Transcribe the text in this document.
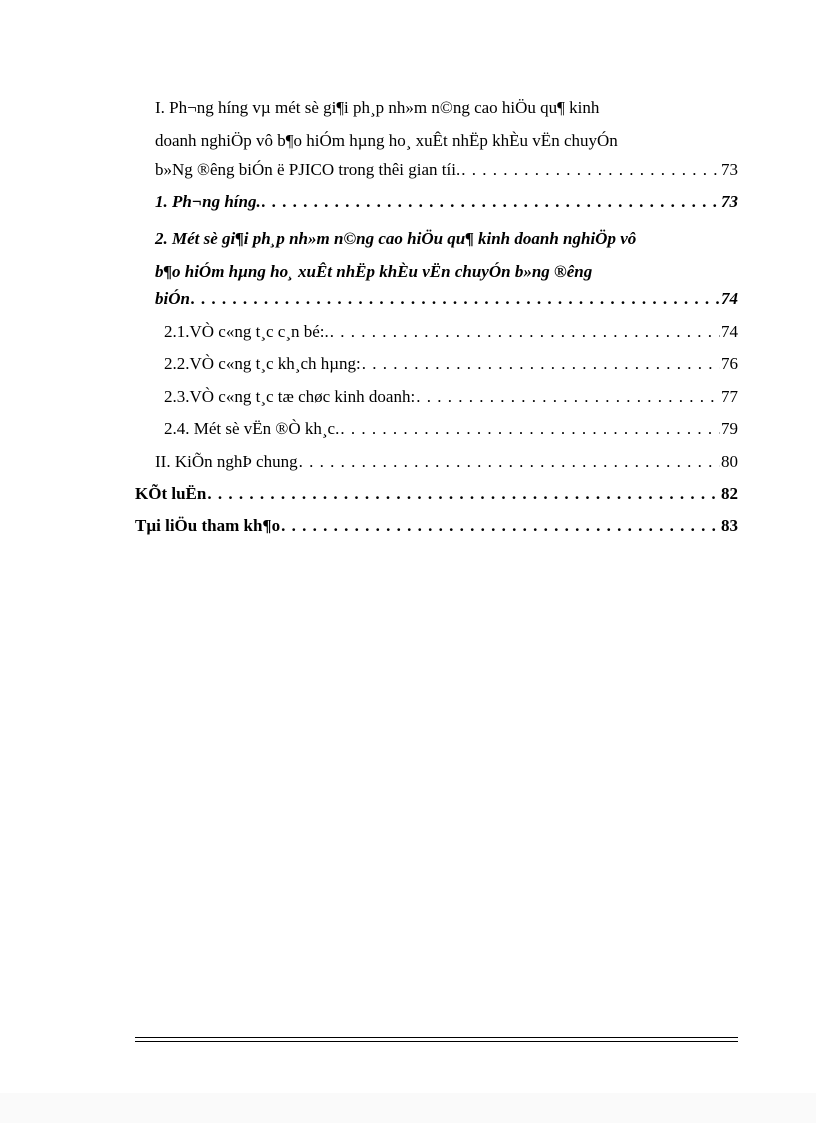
I. Ph¬ng híng vµ mét sè gi¶i ph¸p nh»m n©ng cao hiÖu qu¶ kinh
doanh nghiÖp vô b¶o hiÓm hµng ho¸ xuÊt nhËp khÈu vËn chuyÓn
b»Ng ®êng biÓn ë PJICO trong thêi gian tíi. . . .	73
1. Ph¬ng híng. . . .	73
2. Mét sè gi¶i ph¸p nh»m n©ng cao hiÖu qu¶ kinh doanh nghiÖp vô
b¶o hiÓm hµng ho¸ xuÊt nhËp khÈu vËn chuyÓn b»ng ®êng
biÓn . . .	74
2.1.VÒ c«ng t¸c c¸n bé:. . . .	74
2.2.VÒ c«ng t¸c kh¸ch hµng: . . .	76
2.3.VÒ c«ng t¸c tæ chøc kinh doanh: . . .	77
2.4. Mét sè vËn ®Ò kh¸c. . . .	79
II. KiÕn nghÞ chung . . .	80
KÕt luËn . . .	82
Tµi liÖu tham kh¶o . . .	83
